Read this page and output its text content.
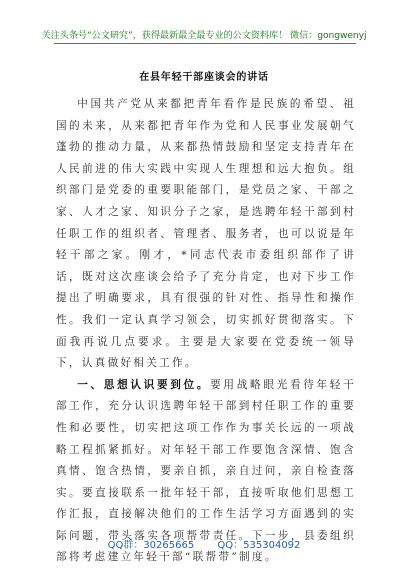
关注头条号“公文研究”，获得最新最全最专业的公文资料库！ 微信：gongwenyj
在县年轻干部座谈会的讲话

中国共产党从来都把青年看作是民族的希望、祖国的未来，从来都把青年作为党和人民事业发展朝气蓬勃的推动力量，从来都热情鼓励和坚定支持青年在人民前进的伟大实践中实现人生理想和远大抱负。组织部门是党委的重要职能部门，是党员之家、干部之家、人才之家、知识分子之家，是选聘年轻干部到村任职工作的组织者、管理者、服务者，也可以说是年轻干部之家。刚才，*同志代表市委组织部作了讲话，既对这次座谈会给予了充分肯定，也对下步工作提出了明确要求，具有很强的针对性、指导性和操作性。我们一定认真学习领会，切实抓好贯彻落实。下面我再说几点要求。主要是大家要在党委统一领导下，认真做好相关工作。

一、思想认识要到位。要用战略眼光看待年轻干部工作，充分认识选聘年轻干部到村任职工作的重要性和必要性，切实把这项工作作为事关长远的一项战略工程抓紧抓好。对年轻干部工作要饱含深情、饱含真情、饱含热情，要亲自抓，亲自过问，亲自检查落实。要直接联系一批年轻干部，直接听取他们思想工作汇报，直接解决他们的工作生活学习方面遇到的实际问题，带头落实各项帮带责任。下一步，县委组织部将考虑建立年轻干部“联帮带”制度。

QQ群：30265665 QQ：535304092
